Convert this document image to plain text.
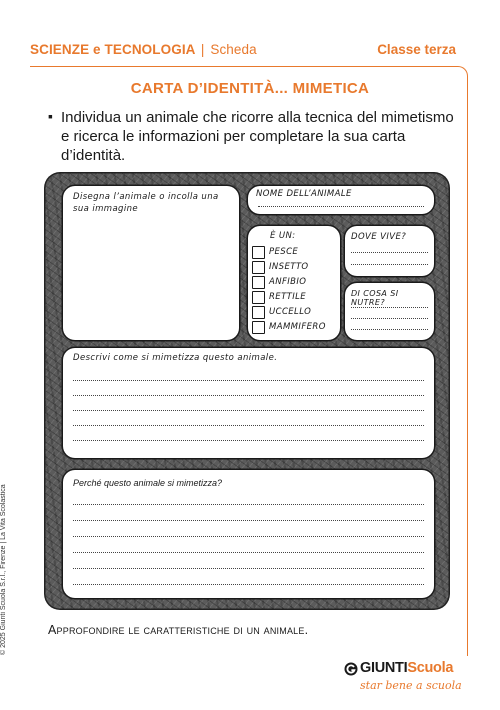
SCIENZE e TECNOLOGIA | Scheda	Classe terza
CARTA D’IDENTITÀ... MIMETICA
▪ Individua un animale che ricorre alla tecnica del mimetismo e ricerca le informazioni per completare la sua carta d’identità.
Disegna l’animale o incolla una sua immagine
NOME DELL’ANIMALE
È UN:
PESCE
INSETTO
ANFIBIO
RETTILE
UCCELLO
MAMMIFERO
DOVE VIVE?
DI COSA SI NUTRE?
Descrivi come si mimetizza questo animale.
Perché questo animale si mimetizza?
Approfondire le caratteristiche di un animale.
© 2025 Giunti Scuola S.r.l., Firenze | La Vita Scolastica
GIUNTIScuola
star bene a scuola
